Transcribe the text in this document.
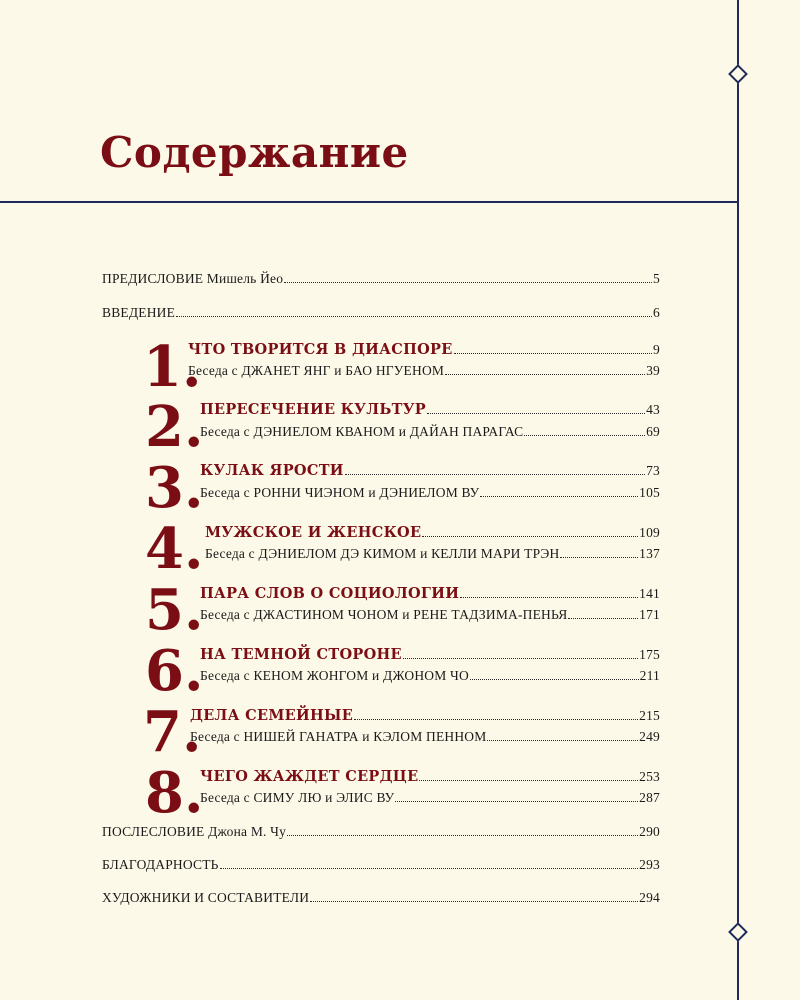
Содержание
ПРЕДИСЛОВИЕ Мишель Йео	5
ВВЕДЕНИЕ	6
1.
ЧТО ТВОРИТСЯ В ДИАСПОРЕ	9
Беседа с ДЖАНЕТ ЯНГ и БАО НГУЕНОМ	39
2.
ПЕРЕСЕЧЕНИЕ КУЛЬТУР	43
Беседа с ДЭНИЕЛОМ КВАНОМ и ДАЙАН ПАРАГАС	69
3.
КУЛАК ЯРОСТИ	73
Беседа с РОННИ ЧИЭНОМ и ДЭНИЕЛОМ ВУ	105
4. МУЖСКОЕ И ЖЕНСКОЕ	109
Беседа с ДЭНИЕЛОМ ДЭ КИМОМ и КЕЛЛИ МАРИ ТРЭН	137
5.
ПАРА СЛОВ О СОЦИОЛОГИИ	141
Беседа с ДЖАСТИНОМ ЧОНОМ и РЕНЕ ТАДЗИМА-ПЕНЬЯ	171
6.
НА ТЕМНОЙ СТОРОНЕ	175
Беседа с КЕНОМ ЖОНГОМ и ДЖОНОМ ЧО	211
7.
ДЕЛА СЕМЕЙНЫЕ	215
Беседа с НИШЕЙ ГАНАТРА и КЭЛОМ ПЕННОМ	249
8.
ЧЕГО ЖАЖДЕТ СЕРДЦЕ	253
Беседа с СИМУ ЛЮ и ЭЛИС ВУ	287
ПОСЛЕСЛОВИЕ Джона М. Чу	290
БЛАГОДАРНОСТЬ	293
ХУДОЖНИКИ И СОСТАВИТЕЛИ	294
